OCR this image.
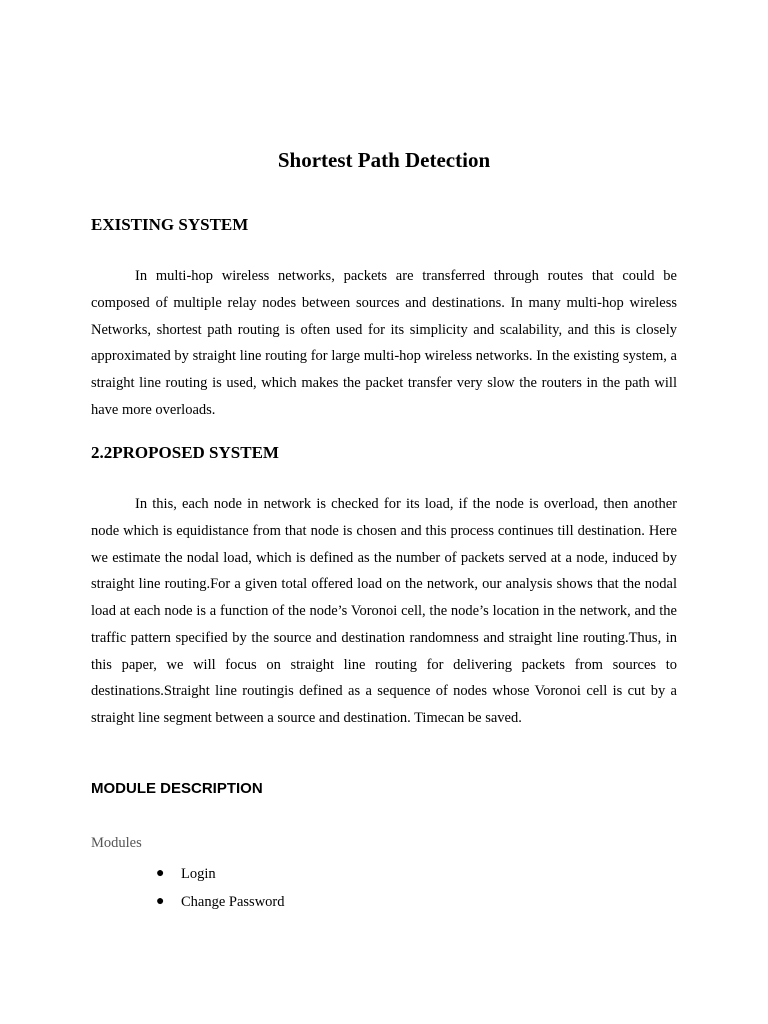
Shortest Path Detection
EXISTING SYSTEM

In multi-hop wireless networks, packets are transferred through routes that could be composed of multiple relay nodes between sources and destinations. In many multi-hop wireless Networks, shortest path routing is often used for its simplicity and scalability, and this is closely approximated by straight line routing for large multi-hop wireless networks. In the existing system, a straight line routing is used, which makes the packet transfer very slow the routers in the path will have more overloads.

2.2PROPOSED SYSTEM

In this, each node in network is checked for its load, if the node is overload, then another node which is equidistance from that node is chosen and this process continues till destination. Here we estimate the nodal load, which is defined as the number of packets served at a node, induced by straight line routing.For a given total offered load on the network, our analysis shows that the nodal load at each node is a function of the node’s Voronoi cell, the node’s location in the network, and the traffic pattern specified by the source and destination randomness and straight line routing.Thus, in this paper, we will focus on straight line routing for delivering packets from sources to destinations.Straight line routingis defined as a sequence of nodes whose Voronoi cell is cut by a straight line segment between a source and destination. Timecan be saved.

MODULE DESCRIPTION
Modules
● Login
● Change Password
